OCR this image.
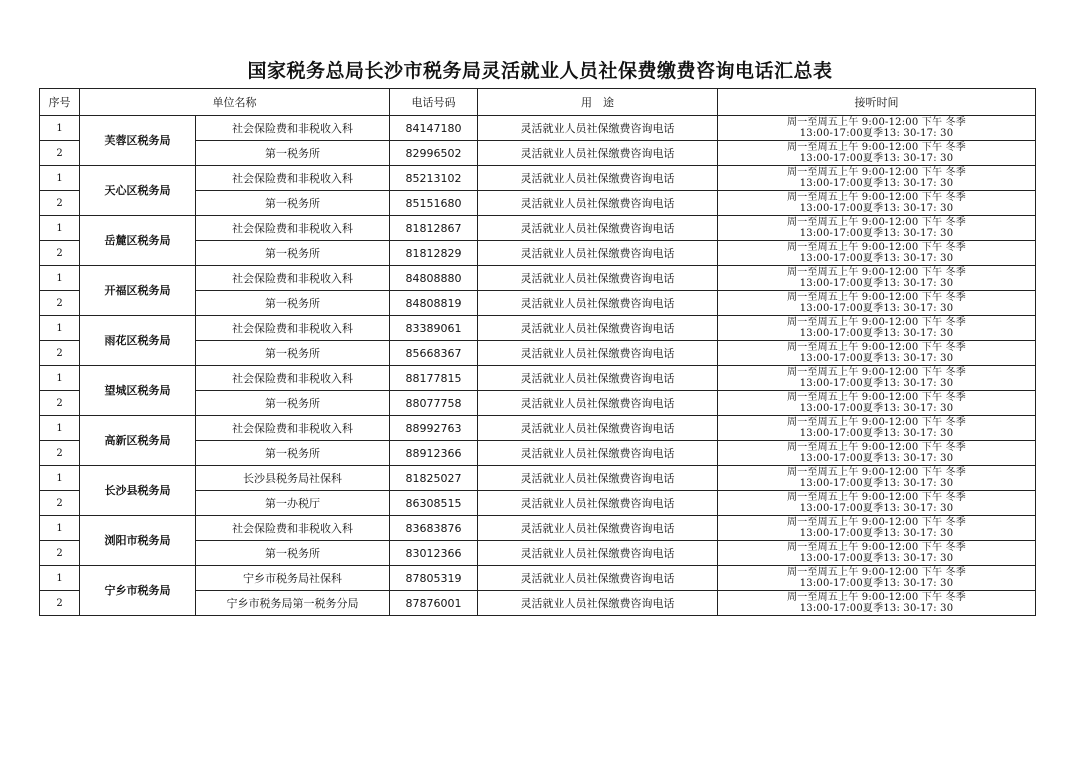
国家税务总局长沙市税务局灵活就业人员社保费缴费咨询电话汇总表
序号	单位名称		电话号码	用　途	接听时间
1	芙蓉区税务局	社会保险费和非税收入科	84147180	灵活就业人员社保缴费咨询电话	周一至周五上午 9:00-12:00 下午 冬季
13:00-17:00夏季13: 30-17: 30

2		第一税务所	82996502	灵活就业人员社保缴费咨询电话	周一至周五上午 9:00-12:00 下午 冬季
13:00-17:00夏季13: 30-17: 30

1	天心区税务局	社会保险费和非税收入科	85213102	灵活就业人员社保缴费咨询电话	周一至周五上午 9:00-12:00 下午 冬季
13:00-17:00夏季13: 30-17: 30

2		第一税务所	85151680	灵活就业人员社保缴费咨询电话	周一至周五上午 9:00-12:00 下午 冬季
13:00-17:00夏季13: 30-17: 30

1	岳麓区税务局	社会保险费和非税收入科	81812867	灵活就业人员社保缴费咨询电话	周一至周五上午 9:00-12:00 下午 冬季
13:00-17:00夏季13: 30-17: 30

2		第一税务所	81812829	灵活就业人员社保缴费咨询电话	周一至周五上午 9:00-12:00 下午 冬季
13:00-17:00夏季13: 30-17: 30

1	开福区税务局	社会保险费和非税收入科	84808880	灵活就业人员社保缴费咨询电话	周一至周五上午 9:00-12:00 下午 冬季
13:00-17:00夏季13: 30-17: 30

2		第一税务所	84808819	灵活就业人员社保缴费咨询电话	周一至周五上午 9:00-12:00 下午 冬季
13:00-17:00夏季13: 30-17: 30

1	雨花区税务局	社会保险费和非税收入科	83389061	灵活就业人员社保缴费咨询电话	周一至周五上午 9:00-12:00 下午 冬季
13:00-17:00夏季13: 30-17: 30

2		第一税务所	85668367	灵活就业人员社保缴费咨询电话	周一至周五上午 9:00-12:00 下午 冬季
13:00-17:00夏季13: 30-17: 30

1	望城区税务局	社会保险费和非税收入科	88177815	灵活就业人员社保缴费咨询电话	周一至周五上午 9:00-12:00 下午 冬季
13:00-17:00夏季13: 30-17: 30

2		第一税务所	88077758	灵活就业人员社保缴费咨询电话	周一至周五上午 9:00-12:00 下午 冬季
13:00-17:00夏季13: 30-17: 30

1	高新区税务局	社会保险费和非税收入科	88992763	灵活就业人员社保缴费咨询电话	周一至周五上午 9:00-12:00 下午 冬季
13:00-17:00夏季13: 30-17: 30

2		第一税务所	88912366	灵活就业人员社保缴费咨询电话	周一至周五上午 9:00-12:00 下午 冬季
13:00-17:00夏季13: 30-17: 30

1	长沙县税务局	长沙县税务局社保科	81825027	灵活就业人员社保缴费咨询电话	周一至周五上午 9:00-12:00 下午 冬季
13:00-17:00夏季13: 30-17: 30

2		第一办税厅	86308515	灵活就业人员社保缴费咨询电话	周一至周五上午 9:00-12:00 下午 冬季
13:00-17:00夏季13: 30-17: 30

1	浏阳市税务局	社会保险费和非税收入科	83683876	灵活就业人员社保缴费咨询电话	周一至周五上午 9:00-12:00 下午 冬季
13:00-17:00夏季13: 30-17: 30

2		第一税务所	83012366	灵活就业人员社保缴费咨询电话	周一至周五上午 9:00-12:00 下午 冬季
13:00-17:00夏季13: 30-17: 30

1	宁乡市税务局	宁乡市税务局社保科	87805319	灵活就业人员社保缴费咨询电话	周一至周五上午 9:00-12:00 下午 冬季
13:00-17:00夏季13: 30-17: 30

2		宁乡市税务局第一税务分局	87876001	灵活就业人员社保缴费咨询电话	周一至周五上午 9:00-12:00 下午 冬季
13:00-17:00夏季13: 30-17: 30
